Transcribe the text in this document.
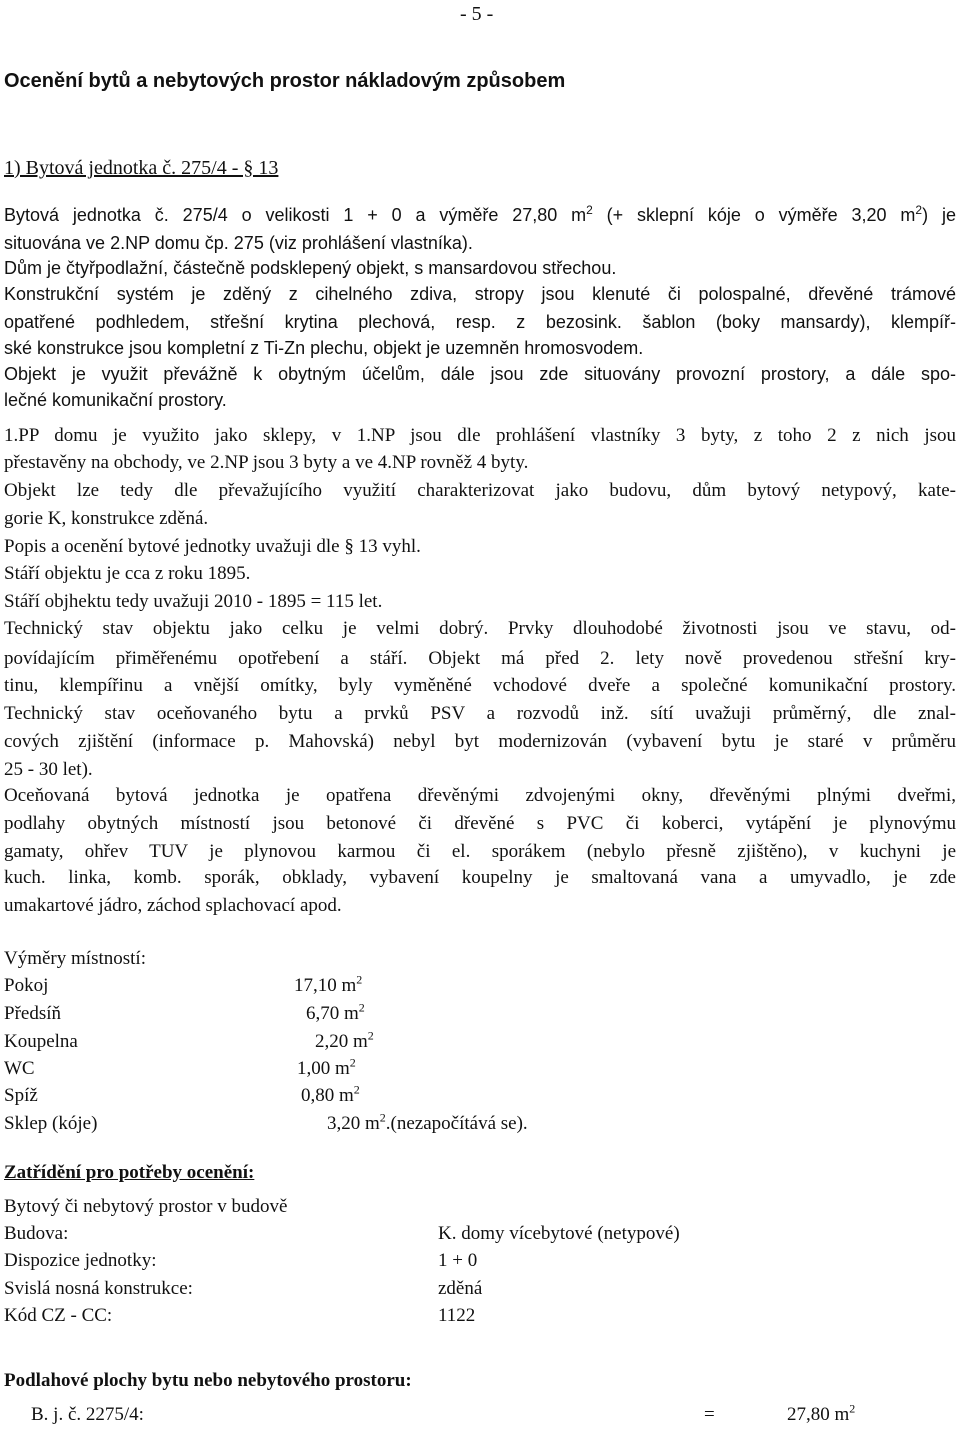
- 5 -
Ocenění bytů a nebytových prostor nákladovým způsobem
1) Bytová jednotka č. 275/4 - § 13
Bytová jednotka č. 275/4 o velikosti 1 + 0 a výměře 27,80 $m^2$ (+ sklepní kóje o výměře 3,20 $m^2$) je
situována ve 2.NP domu čp. 275 (viz prohlášení vlastníka).
Dům je čtyřpodlažní, částečně podsklepený objekt, s mansardovou střechou.
Konstrukční systém je zděný z cihelného zdiva, stropy jsou klenuté či polospalné, dřevěné trámové
opatřené podhledem, střešní krytina plechová, resp. z bezosink. šablon (boky mansardy), klempíř-
ské konstrukce jsou kompletní z Ti-Zn plechu, objekt je uzemněn hromosvodem.
Objekt je využit převážně k obytným účelům, dále jsou zde situovány provozní prostory, a dále spo-
lečné komunikační prostory.
1.PP domu je využito jako sklepy, v 1.NP jsou dle prohlášení vlastníky 3 byty, z toho 2 z nich jsou
přestavěny na obchody, ve 2.NP jsou 3 byty a ve 4.NP rovněž 4 byty.
Objekt lze tedy dle převažujícího využití charakterizovat jako budovu, dům bytový netypový, kate-
gorie K, konstrukce zděná.
Popis a ocenění bytové jednotky uvažuji dle § 13 vyhl.
Stáří objektu je cca z roku 1895.
Stáří objhektu tedy uvažuji 2010 - 1895 = 115 let.
Technický stav objektu jako celku je velmi dobrý. Prvky dlouhodobé životnosti jsou ve stavu, od-
povídajícím přiměřenému opotřebení a stáří. Objekt má před 2. lety nově provedenou střešní kry-
tinu, klempířinu a vnější omítky, byly vyměněné vchodové dveře a společné komunikační prostory.
Technický stav oceňovaného bytu a prvků PSV a rozvodů inž. sítí uvažuji průměrný, dle znal-
cových zjištění (informace p. Mahovská) nebyl byt modernizován (vybavení bytu je staré v průměru
25 - 30 let).
Oceňovaná bytová jednotka je opatřena dřevěnými zdvojenými okny, dřevěnými plnými dveřmi,
podlahy obytných místností jsou betonové či dřevěné s PVC či koberci, vytápění je plynovýmu
gamaty, ohřev TUV je plynovou karmou či el. sporákem (nebylo přesně zjištěno), v kuchyni je
kuch. linka, komb. sporák, obklady, vybavení koupelny je smaltovaná vana a umyvadlo, je zde
umakartové jádro, záchod splachovací apod.
Výměry místností:
Pokoj	17,10 $m^2$
Předsíň	6,70 $m^2$
Koupelna	2,20 $m^2$
WC	1,00 $m^2$
Spíž	0,80 $m^2$
Sklep (kóje)	3,20 $m^2.(nezapočítává$ se).
Zatřídění pro potřeby ocenění:
Bytový či nebytový prostor v budově
Budova:	K. domy vícebytové (netypové)
Dispozice jednotky:	1 + 0
Svislá nosná konstrukce:	zděná
Kód CZ - CC:	1122
Podlahové plochy bytu nebo nebytového prostoru:
B. j. č. 2275/4:	=	27,80 $m^2$
